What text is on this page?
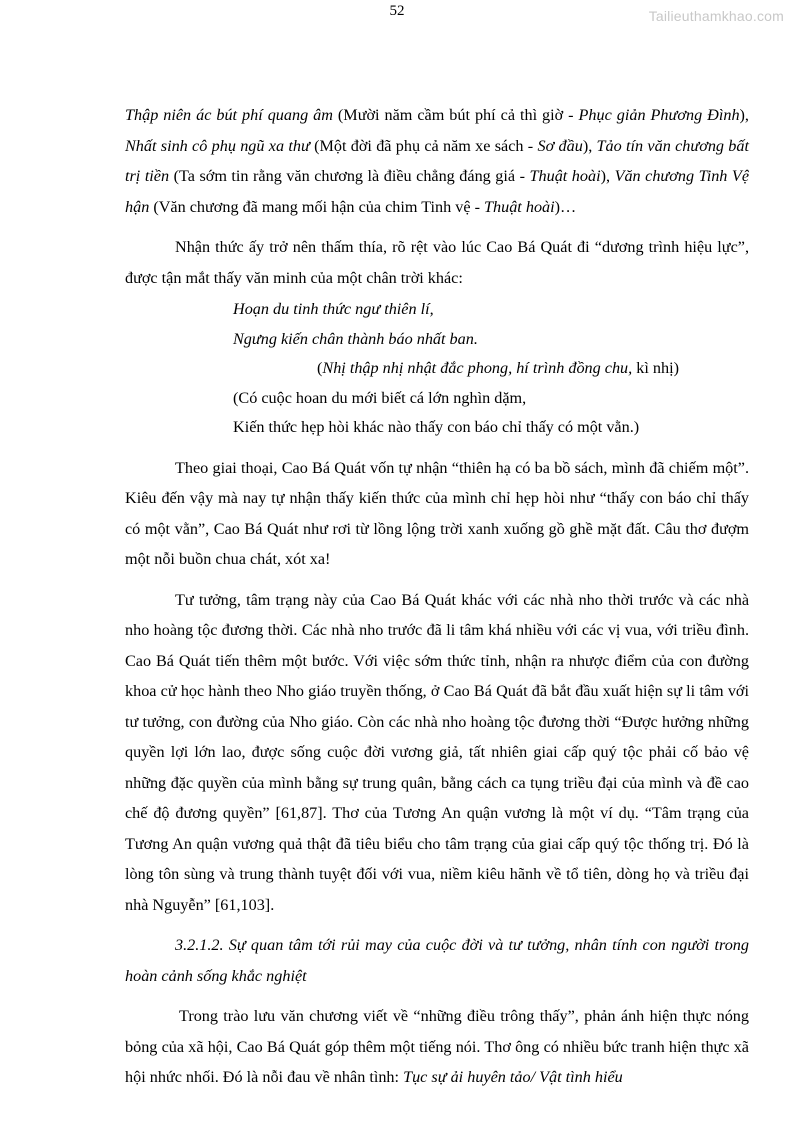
52	Tailieuthamkhao.com

Thập niên ác bút phí quang âm (Mười năm cầm bút phí cả thì giờ - Phục giản Phương Đình), Nhất sinh cô phụ ngũ xa thư (Một đời đã phụ cả năm xe sách - Sơ đầu), Tảo tín văn chương bất trị tiền (Ta sớm tin rằng văn chương là điều chẳng đáng giá - Thuật hoài), Văn chương Tinh Vệ hận (Văn chương đã mang mối hận của chim Tinh vệ - Thuật hoài)…

Nhận thức ấy trở nên thấm thía, rõ rệt vào lúc Cao Bá Quát đi “dương trình hiệu lực”, được tận mắt thấy văn minh của một chân trời khác:

Hoạn du tinh thức ngư thiên lí,

Ngưng kiến chân thành báo nhất ban.

(Nhị thập nhị nhật đắc phong, hí trình đồng chu, kì nhị)

(Có cuộc hoan du mới biết cá lớn nghìn dặm,

Kiến thức hẹp hòi khác nào thấy con báo chỉ thấy có một vằn.)

Theo giai thoại, Cao Bá Quát vốn tự nhận “thiên hạ có ba bồ sách, mình đã chiếm một”. Kiêu đến vậy mà nay tự nhận thấy kiến thức của mình chỉ hẹp hòi như “thấy con báo chỉ thấy có một vằn”, Cao Bá Quát như rơi từ lồng lộng trời xanh xuống gồ ghề mặt đất. Câu thơ đượm một nỗi buồn chua chát, xót xa!

Tư tưởng, tâm trạng này của Cao Bá Quát khác với các nhà nho thời trước và các nhà nho hoàng tộc đương thời. Các nhà nho trước đã li tâm khá nhiều với các vị vua, với triều đình. Cao Bá Quát tiến thêm một bước. Với việc sớm thức tỉnh, nhận ra nhược điểm của con đường khoa cử học hành theo Nho giáo truyền thống, ở Cao Bá Quát đã bắt đầu xuất hiện sự li tâm với tư tưởng, con đường của Nho giáo. Còn các nhà nho hoàng tộc đương thời “Được hưởng những quyền lợi lớn lao, được sống cuộc đời vương giả, tất nhiên giai cấp quý tộc phải cố bảo vệ những đặc quyền của mình bằng sự trung quân, bằng cách ca tụng triều đại của mình và đề cao chế độ đương quyền” [61,87]. Thơ của Tương An quận vương là một ví dụ. “Tâm trạng của Tương An quận vương quả thật đã tiêu biểu cho tâm trạng của giai cấp quý tộc thống trị. Đó là lòng tôn sùng và trung thành tuyệt đối với vua, niềm kiêu hãnh về tổ tiên, dòng họ và triều đại nhà Nguyễn” [61,103].

3.2.1.2. Sự quan tâm tới rủi may của cuộc đời và tư tưởng, nhân tính con người trong hoàn cảnh sống khắc nghiệt

Trong trào lưu văn chương viết về “những điều trông thấy”, phản ánh hiện thực nóng bỏng của xã hội, Cao Bá Quát góp thêm một tiếng nói. Thơ ông có nhiều bức tranh hiện thực xã hội nhức nhối. Đó là nỗi đau về nhân tình: Tục sự ải huyên tảo/ Vật tình hiểu
